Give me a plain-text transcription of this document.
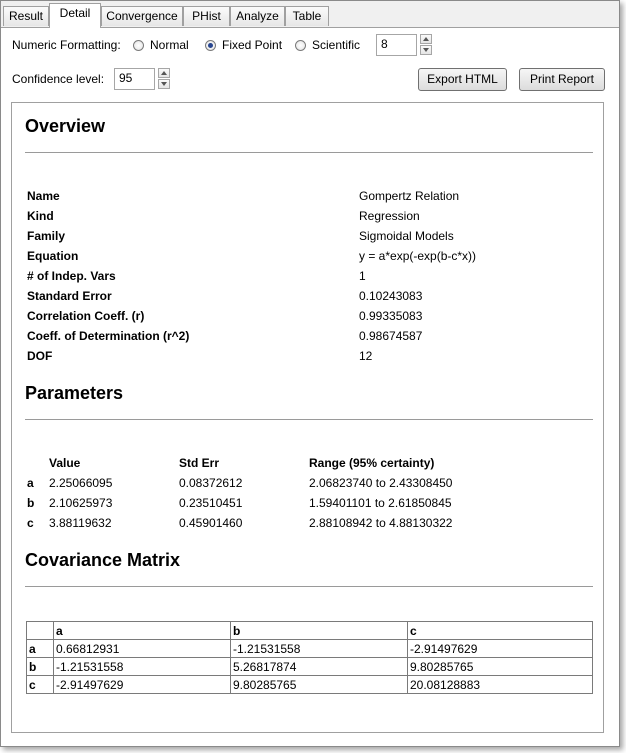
Result	Detail	Convergence	PHist	Analyze	Table
Numeric Formatting: Normal	Fixed Point Scientific	8
Confidence level:	95	Export HTML	Print Report
Overview
Name	Gompertz Relation
Kind	Regression
Family	Sigmoidal Models
Equation	y = a*exp(-exp(b-c*x))
# of Indep. Vars	1
Standard Error	0.10243083
Correlation Coeff. (r)	0.99335083
Coeff. of Determination (r^2)	0.98674587
DOF	12
Parameters
Value	Std Err	Range (95% certainty)
a 2.25066095	0.08372612	2.06823740 to 2.43308450
b 2.10625973	0.23510451	1.59401101 to 2.61850845
c 3.88119632	0.45901460	2.88108942 to 4.88130322
Covariance Matrix
	a	b	c
a	0.66812931	-1.21531558	-2.91497629
b	-1.21531558	5.26817874	9.80285765
c	-2.91497629	9.80285765	20.08128883
